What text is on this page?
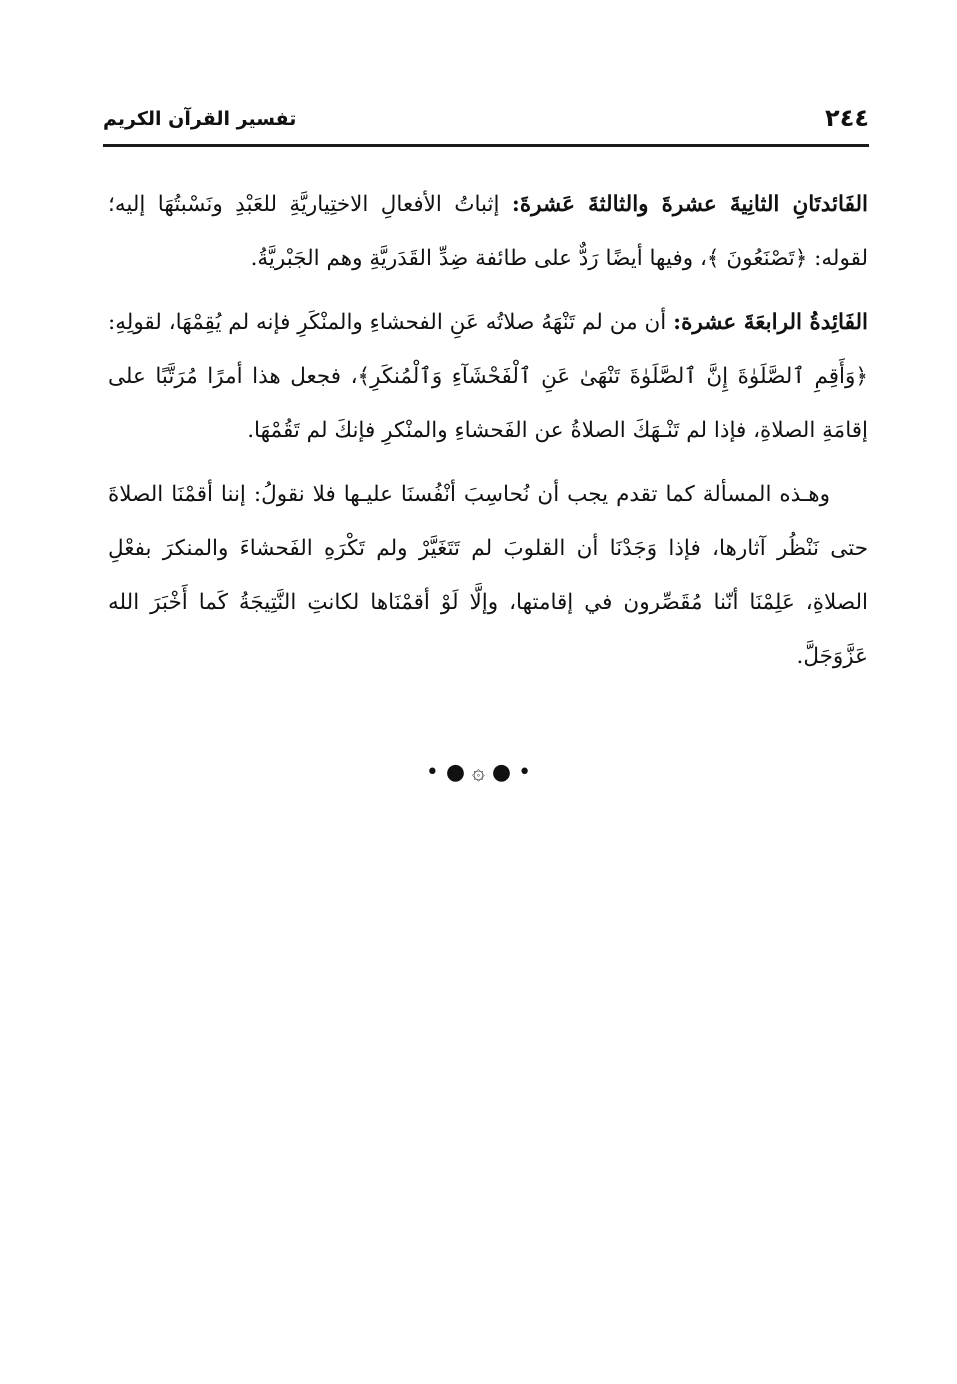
٢٤٤
تفسير القرآن الكريم

الفَائدتَانِ الثانِيةَ عشرةَ والثالثةَ عَشرةَ: إثباتُ الأفعالِ الاختِياريَّةِ للعَبْدِ ونَسْبتُهَا إليه؛ لقوله: ﴿تَصْنَعُونَ ﴾، وفيها أيضًا رَدٌّ على طائفة ضِدِّ القَدَريَّةِ وهم الجَبْريَّةُ.

الفَائِدةُ الرابعَةَ عشرة: أن من لم تَنْهَهُ صلاتُه عَنِ الفحشاءِ والمنْكَرِ فإنه لم يُقِمْهَا، لقولِهِ: ﴿وَأَقِمِ ٱلصَّلَوٰةَ إِنَّ ٱلصَّلَوٰةَ تَنْهَىٰ عَنِ ٱلْفَحْشَآءِ وَٱلْمُنكَرِ﴾، فجعل هذا أمرًا مُرَتَّبًا على إقامَةِ الصلاةِ، فإذا لم تَنْـهَكَ الصلاةُ عن الفَحشاءِ والمنْكرِ فإنكَ لم تَقُمْهَا.

وهـذه المسألة كما تقدم يجب أن نُحاسِبَ أنْفُسنَا عليـها فلا نقولُ: إننا أقمْنَا الصلاةَ حتى نَنْظُر آثارها، فإذا وَجَدْنَا أن القلوبَ لم تَتَغَيَّرْ ولم تَكْرَهِ الفَحشاءَ والمنكرَ بفعْلِ الصلاةِ، عَلِمْنَا أنّنا مُقَصِّرون في إقامتها، وإلَّا لَوْ أقمْنَاها لكانتِ النَّتِيجَةُ كَما أَخْبَرَ الله عَزَّوَجَلَّ.

• ● ۞ ● •
